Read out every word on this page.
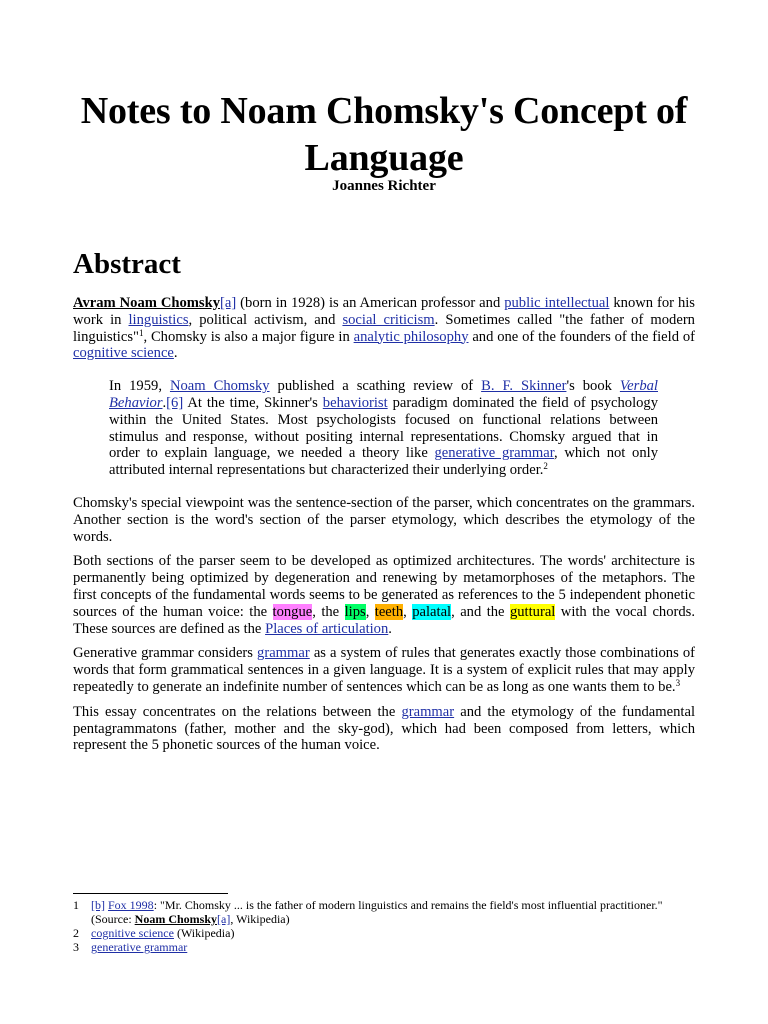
Notes to Noam Chomsky's Concept of Language
Joannes Richter
Abstract

Avram Noam Chomsky[a] (born in 1928) is an American professor and public intellectual known for his work in linguistics, political activism, and social criticism. Sometimes called "the father of modern linguistics"$^1$, Chomsky is also a major figure in analytic philosophy and one of the founders of the field of cognitive science.

In 1959, Noam Chomsky published a scathing review of B. F. Skinner's book Verbal Behavior.[6] At the time, Skinner's behaviorist paradigm dominated the field of psychology within the United States. Most psychologists focused on functional relations between stimulus and response, without positing internal representations. Chomsky argued that in order to explain language, we needed a theory like generative grammar, which not only attributed internal representations but characterized their underlying order.$^2$

Chomsky's special viewpoint was the sentence-section of the parser, which concentrates on the grammars. Another section is the word's section of the parser etymology, which describes the etymology of the words.

Both sections of the parser seem to be developed as optimized architectures. The words' architecture is permanently being optimized by degeneration and renewing by metamorphoses of the metaphors. The first concepts of the fundamental words seems to be generated as references to the 5 independent phonetic sources of the human voice: the tongue, the lips, teeth, palatal, and the guttural with the vocal chords. These sources are defined as the Places of articulation.

Generative grammar considers grammar as a system of rules that generates exactly those combinations of words that form grammatical sentences in a given language. It is a system of explicit rules that may apply repeatedly to generate an indefinite number of sentences which can be as long as one wants them to be.$^3$

This essay concentrates on the relations between the grammar and the etymology of the fundamental pentagrammatons (father, mother and the sky-god), which had been composed from letters, which represent the 5 phonetic sources of the human voice.

1	[b] Fox 1998: "Mr. Chomsky ... is the father of modern linguistics and remains the field's most influential practitioner." (Source: Noam Chomsky[a], Wikipedia)
2	cognitive science (Wikipedia)
3	generative grammar
